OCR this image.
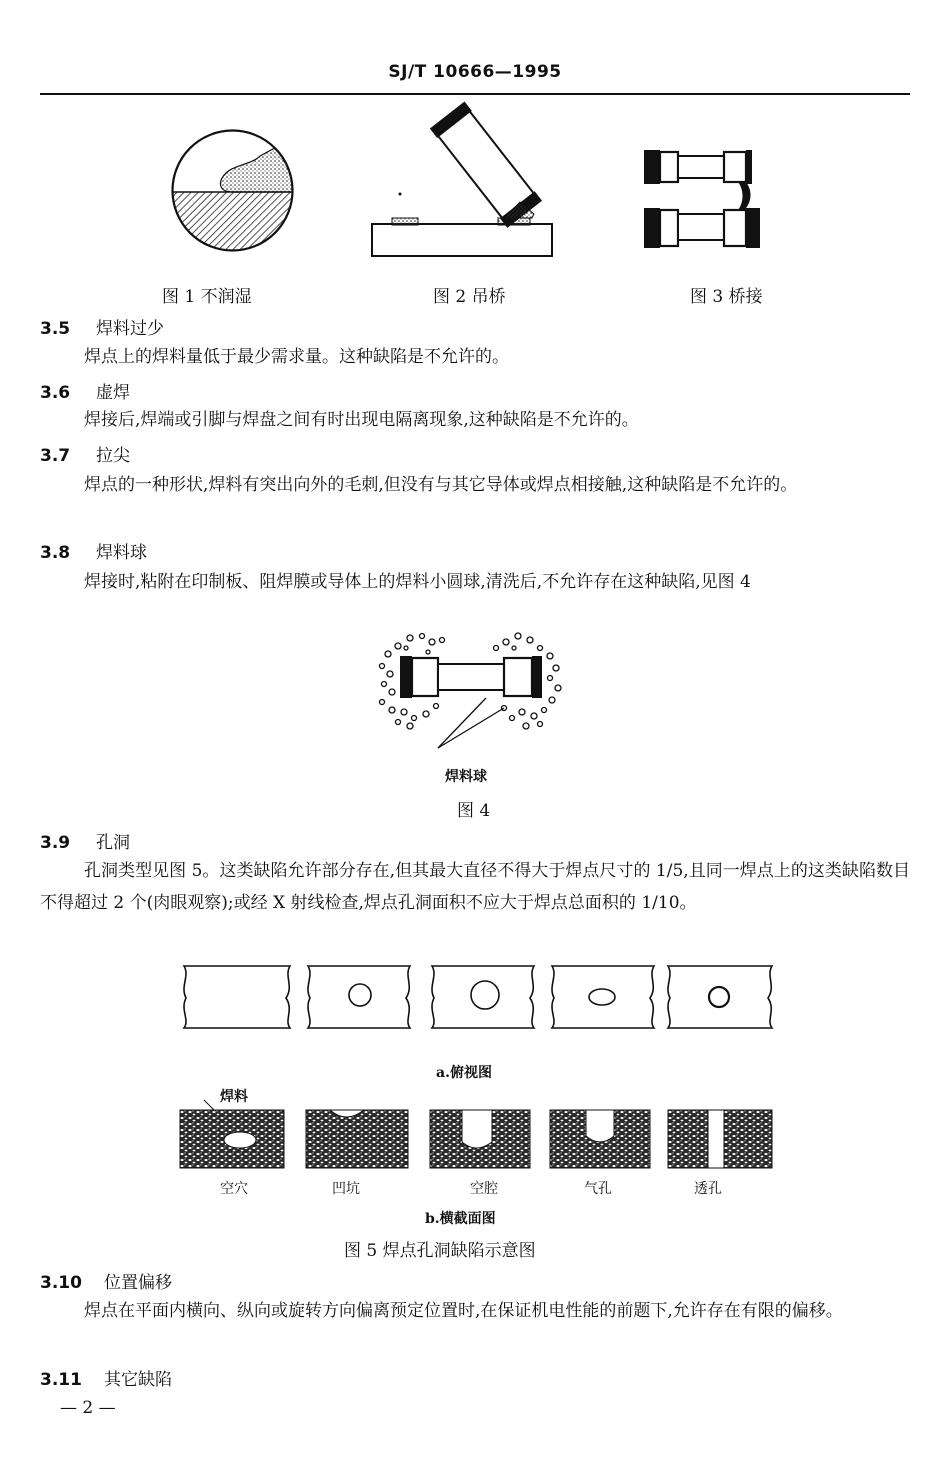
SJ/T 10666—1995
图 1 不润湿	图 2 吊桥	图 3 桥接
3.5 焊料过少
焊点上的焊料量低于最少需求量。这种缺陷是不允许的。
3.6 虚焊
焊接后,焊端或引脚与焊盘之间有时出现电隔离现象,这种缺陷是不允许的。
3.7 拉尖
焊点的一种形状,焊料有突出向外的毛刺,但没有与其它导体或焊点相接触,这种缺陷是不允许的。
3.8 焊料球
焊接时,粘附在印制板、阻焊膜或导体上的焊料小圆球,清洗后,不允许存在这种缺陷,见图 4
焊料球
图 4
3.9 孔洞
孔洞类型见图 5。这类缺陷允许部分存在,但其最大直径不得大于焊点尺寸的 1/5,且同一焊点上的这类缺陷数目不得超过 2 个(肉眼观察);或经 X 射线检查,焊点孔洞面积不应大于焊点总面积的 1/10。
a.俯视图
焊料
空穴	凹坑	空腔	气孔	透孔
b.横截面图
图 5 焊点孔洞缺陷示意图
3.10 位置偏移
焊点在平面内横向、纵向或旋转方向偏离预定位置时,在保证机电性能的前题下,允许存在有限的偏移。
3.11 其它缺陷
— 2 —
